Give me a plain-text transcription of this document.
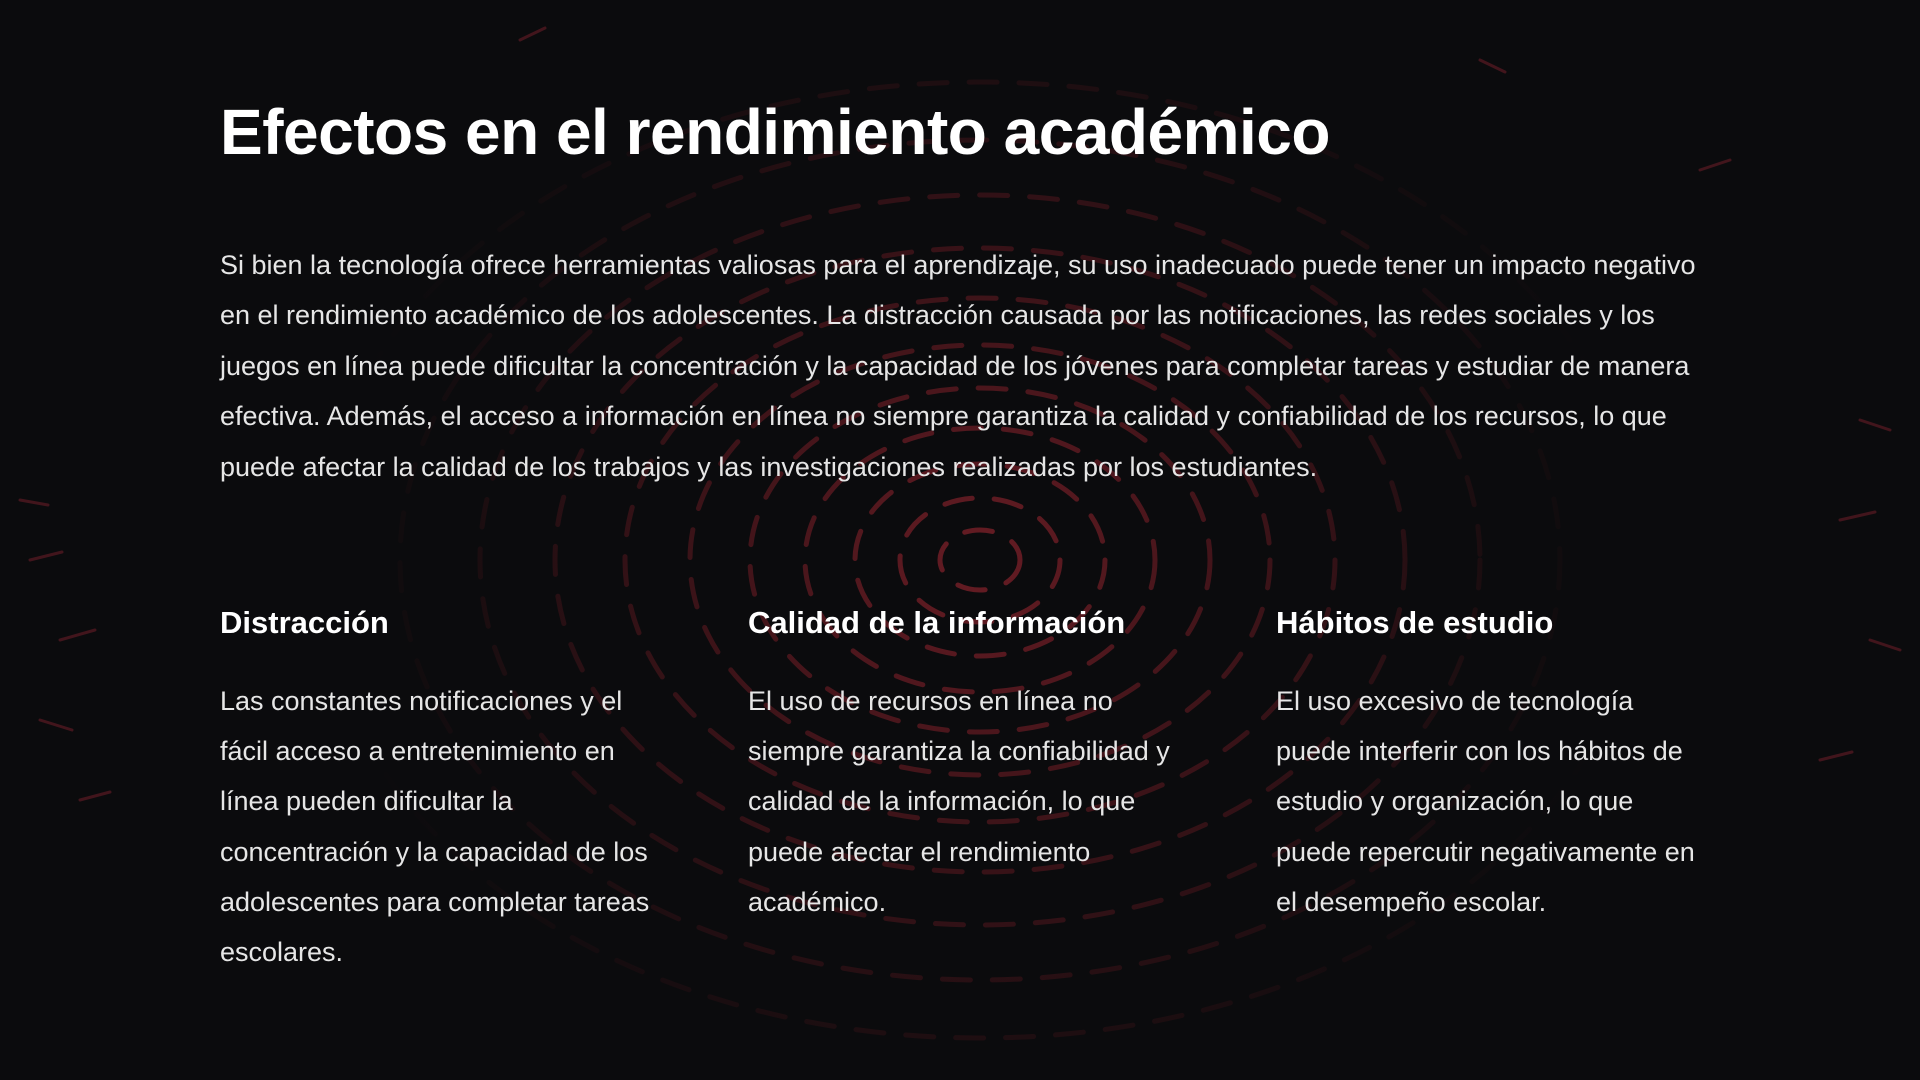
Efectos en el rendimiento académico

Si bien la tecnología ofrece herramientas valiosas para el aprendizaje, su uso inadecuado puede tener un impacto negativo en el rendimiento académico de los adolescentes. La distracción causada por las notificaciones, las redes sociales y los juegos en línea puede dificultar la concentración y la capacidad de los jóvenes para completar tareas y estudiar de manera efectiva. Además, el acceso a información en línea no siempre garantiza la calidad y confiabilidad de los recursos, lo que puede afectar la calidad de los trabajos y las investigaciones realizadas por los estudiantes.

Distracción

Las constantes notificaciones y el fácil acceso a entretenimiento en línea pueden dificultar la concentración y la capacidad de los adolescentes para completar tareas escolares.

Calidad de la información

El uso de recursos en línea no siempre garantiza la confiabilidad y calidad de la información, lo que puede afectar el rendimiento académico.

Hábitos de estudio

El uso excesivo de tecnología puede interferir con los hábitos de estudio y organización, lo que puede repercutir negativamente en el desempeño escolar.
